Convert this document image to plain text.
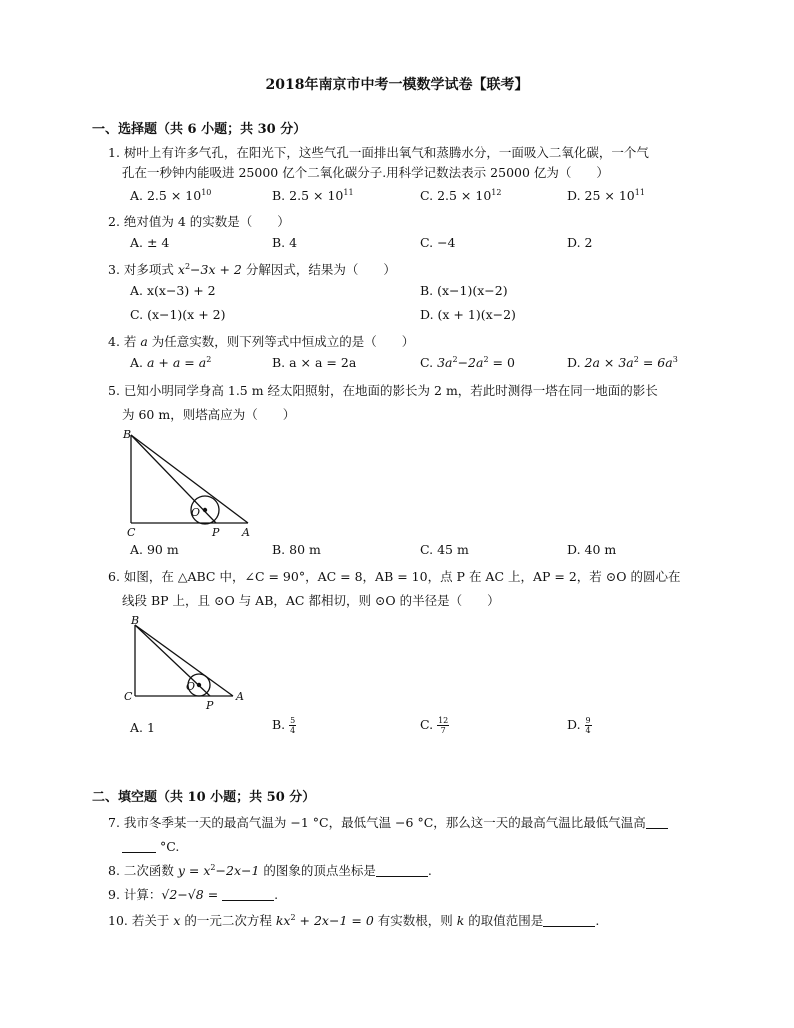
2018年南京市中考一模数学试卷【联考】
一、选择题（共 6 小题；共 30 分）
1. 树叶上有许多气孔，在阳光下，这些气孔一面排出氧气和蒸腾水分，一面吸入二氧化碳，一个气
孔在一秒钟内能吸进 25000 亿个二氧化碳分子.用科学记数法表示 25000 亿为（　　）
A. $2.5 \times 10^{10}$	B. $2.5 \times 10^{11}$	C. $2.5 \times 10^{12}$	D. $25 \times 10^{11}$
2. 绝对值为 4 的实数是（　　）
A. ± 4	B. 4	C. −4	D. 2
3. 对多项式 $x^2-3x + 2$ 分解因式，结果为（　　）
A. x(x−3) + 2	B. (x−1)(x−2)
C. (x−1)(x + 2)	D. (x + 1)(x−2)
4. 若 a 为任意实数，则下列等式中恒成立的是（　　）
A. $a + a = a^2$	B. a × a = 2a	C. $3a^2-2a^2 = 0$	D. $2a \times 3a^2 = 6a^3$
5. 已知小明同学身高 1.5 m 经太阳照射，在地面的影长为 2 m，若此时测得一塔在同一地面的影长
为 60 m，则塔高应为（　　）
B
C	A
P
O
A. 90 m	B. 80 m	C. 45 m	D. 40 m
6. 如图，在 △ABC 中，∠C = 90°，AC = 8，AB = 10，点 P 在 AC 上，AP = 2，若 ⊙O 的圆心在
线段 BP 上，且 ⊙O 与 AB，AC 都相切，则 ⊙O 的半径是（　　）
B
C	A
P
O
A. 1	B. $\frac{5}{4}$	C. $\frac{12}{7}$	D. $\frac{9}{4}$
二、填空题（共 10 小题；共 50 分）
7. 我市冬季某一天的最高气温为 −1 °C，最低气温 −6 °C，那么这一天的最高气温比最低气温高
°C.
8. 二次函数 $y = x^2-2x-1$ 的图象的顶点坐标是	.
9. 计算：√2−√8 =	.
10. 若关于 x 的一元二次方程 $kx^2 + 2x-1 = 0$ 有实数根，则 k 的取值范围是	.
